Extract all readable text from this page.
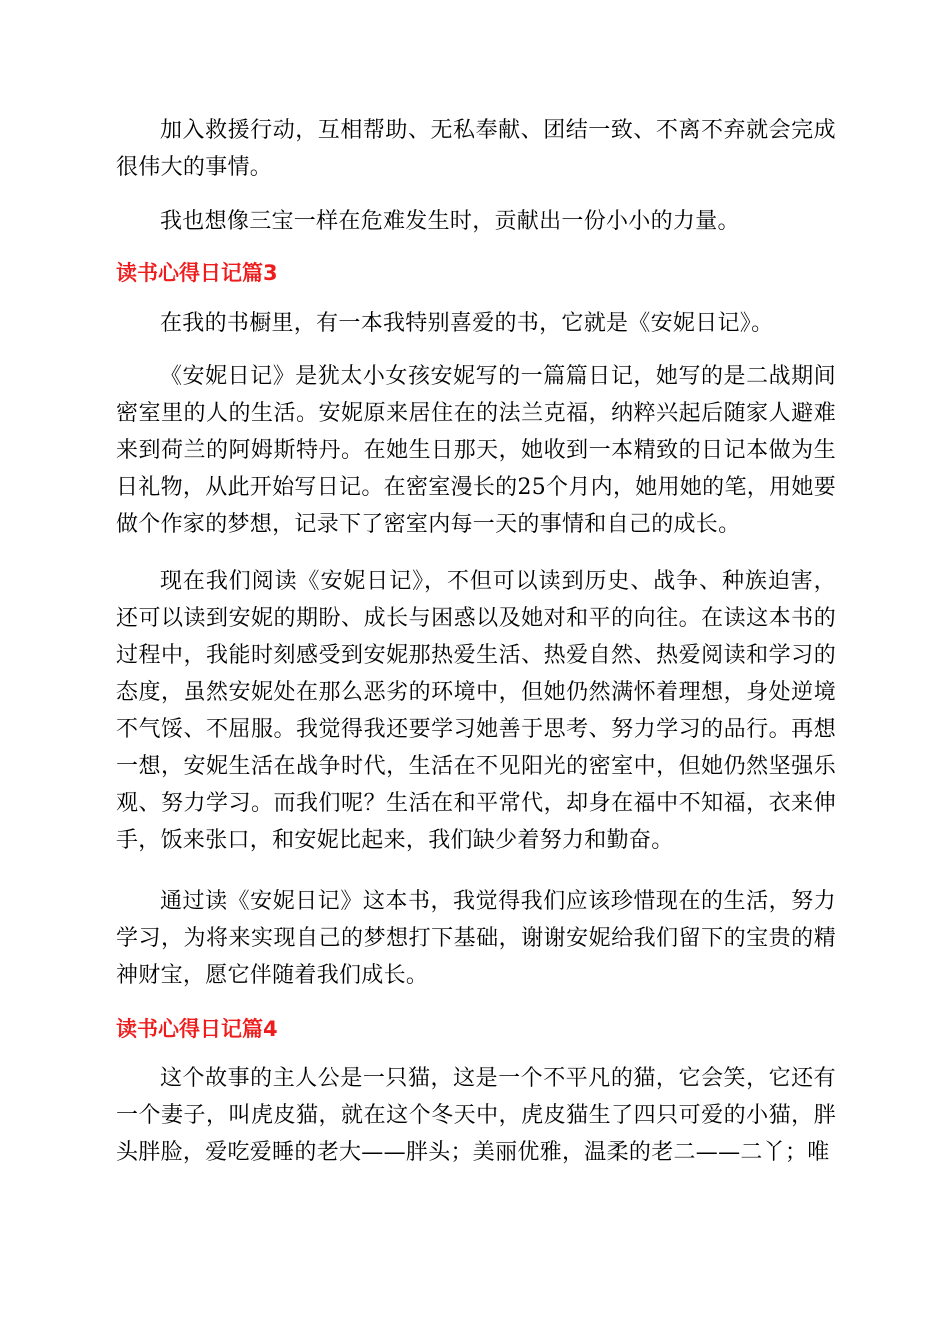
加入救援行动，互相帮助、无私奉献、团结一致、不离不弃就会完成很伟大的事情。

我也想像三宝一样在危难发生时，贡献出一份小小的力量。

读书心得日记篇3

在我的书橱里，有一本我特别喜爱的书，它就是《安妮日记》。

《安妮日记》是犹太小女孩安妮写的一篇篇日记，她写的是二战期间密室里的人的生活。安妮原来居住在的法兰克福，纳粹兴起后随家人避难来到荷兰的阿姆斯特丹。在她生日那天，她收到一本精致的日记本做为生日礼物，从此开始写日记。在密室漫长的25个月内，她用她的笔，用她要做个作家的梦想，记录下了密室内每一天的事情和自己的成长。

现在我们阅读《安妮日记》，不但可以读到历史、战争、种族迫害，还可以读到安妮的期盼、成长与困惑以及她对和平的向往。在读这本书的过程中，我能时刻感受到安妮那热爱生活、热爱自然、热爱阅读和学习的态度，虽然安妮处在那么恶劣的环境中，但她仍然满怀着理想，身处逆境不气馁、不屈服。我觉得我还要学习她善于思考、努力学习的品行。再想一想，安妮生活在战争时代，生活在不见阳光的密室中，但她仍然坚强乐观、努力学习。而我们呢？生活在和平常代，却身在福中不知福，衣来伸手，饭来张口，和安妮比起来，我们缺少着努力和勤奋。

通过读《安妮日记》这本书，我觉得我们应该珍惜现在的生活，努力学习，为将来实现自己的梦想打下基础，谢谢安妮给我们留下的宝贵的精神财宝，愿它伴随着我们成长。

读书心得日记篇4

这个故事的主人公是一只猫，这是一个不平凡的猫，它会笑，它还有一个妻子，叫虎皮猫，就在这个冬天中，虎皮猫生了四只可爱的小猫，胖头胖脸，爱吃爱睡的老大——胖头；美丽优雅，温柔的老二——二丫；唯
